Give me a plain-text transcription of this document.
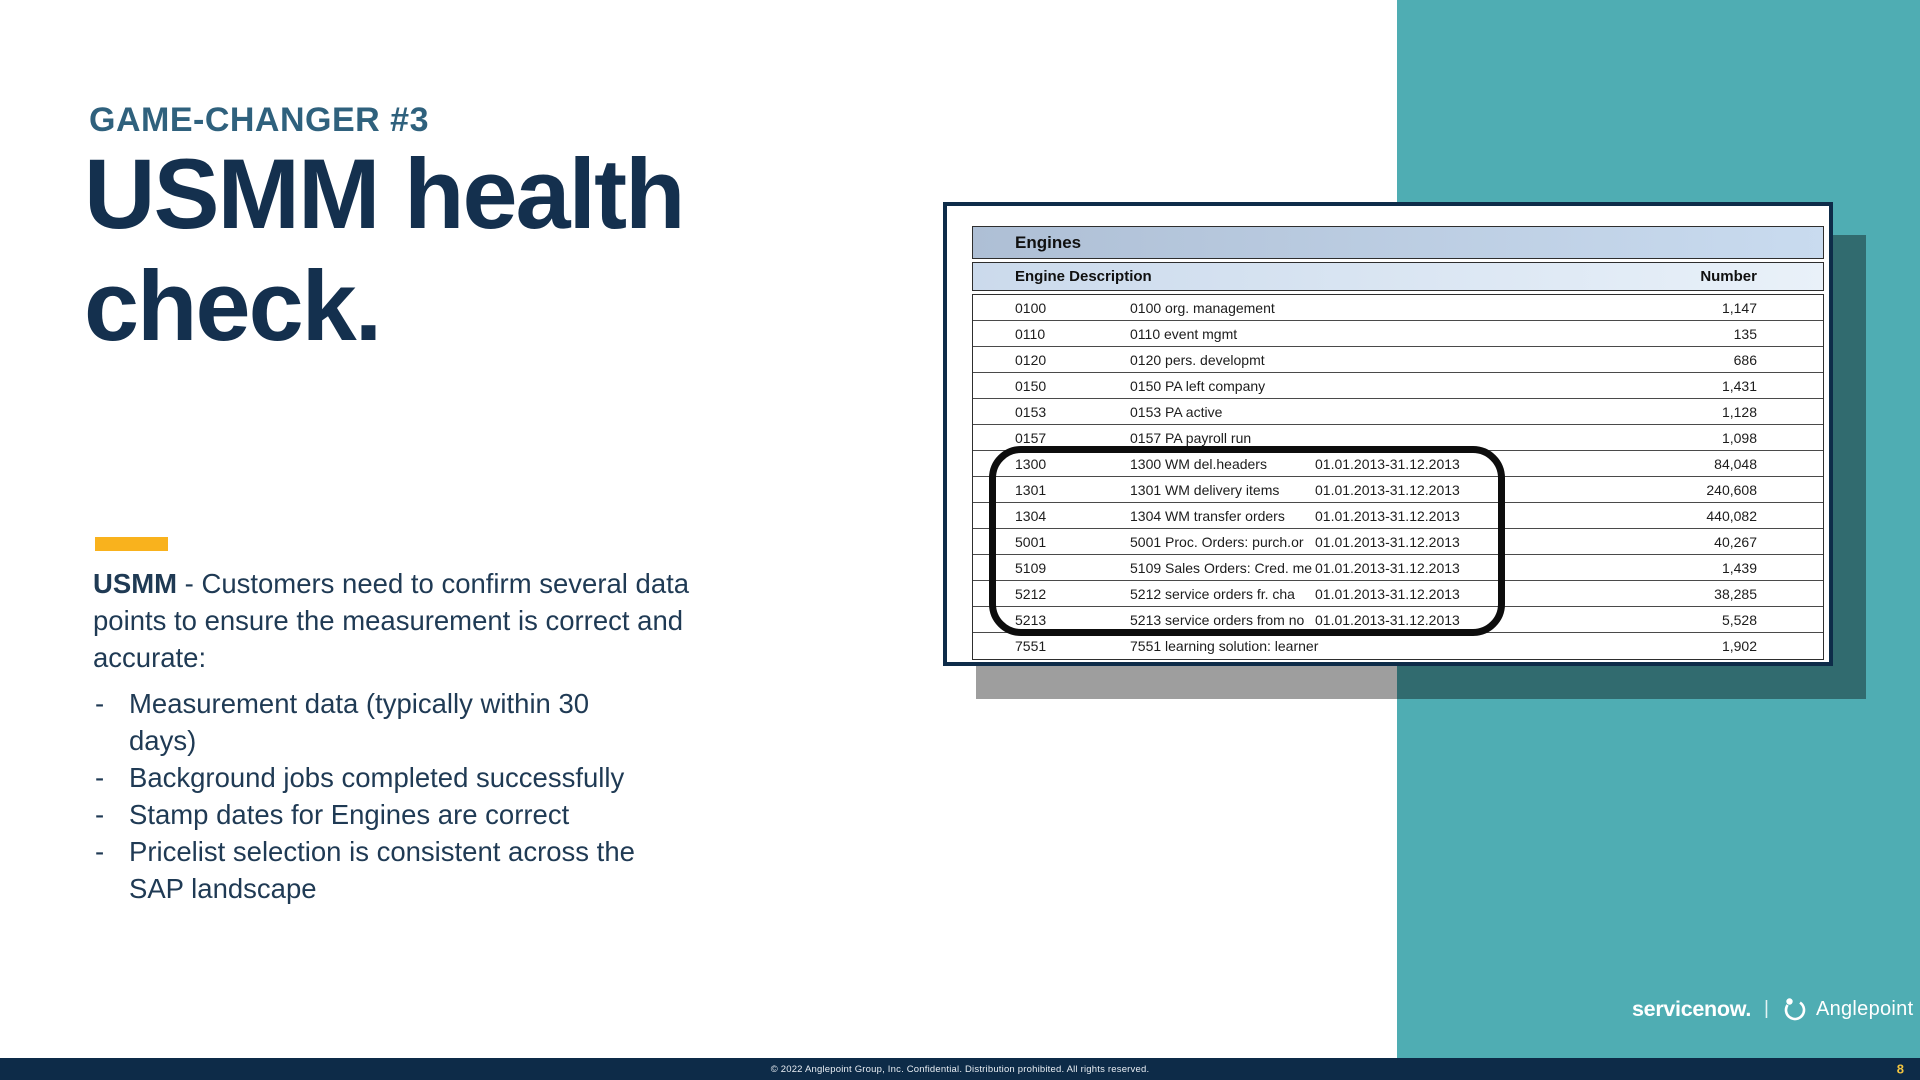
GAME-CHANGER #3
USMM health check.

USMM - Customers need to confirm several data points to ensure the measurement is correct and accurate:

- Measurement data (typically within 30 days)
- Background jobs completed successfully
- Stamp dates for Engines are correct
- Pricelist selection is consistent across the SAP landscape
Engines
Engine Description	Number
0100	0100 org. management	1,147
0110	0110 event mgmt	135
0120	0120 pers. developmt	686
0150	0150 PA left company	1,431
0153	0153 PA active	1,128
0157	0157 PA payroll run	1,098
1300	1300 WM del.headers	01.01.2013-31.12.2013	84,048
1301	1301 WM delivery items	01.01.2013-31.12.2013	240,608
1304	1304 WM transfer orders	01.01.2013-31.12.2013	440,082
5001	5001 Proc. Orders: purch.or 01.01.2013-31.12.2013	40,267
5109	5109 Sales Orders: Cred. me 01.01.2013-31.12.2013	1,439
5212	5212 service orders fr. cha	01.01.2013-31.12.2013	38,285
5213	5213 service orders from no 01.01.2013-31.12.2013	5,528
7551	7551 learning solution: learner	1,902
servicenow. | Anglepoint
© 2022 Anglepoint Group, Inc. Confidential. Distribution prohibited. All rights reserved.	8
